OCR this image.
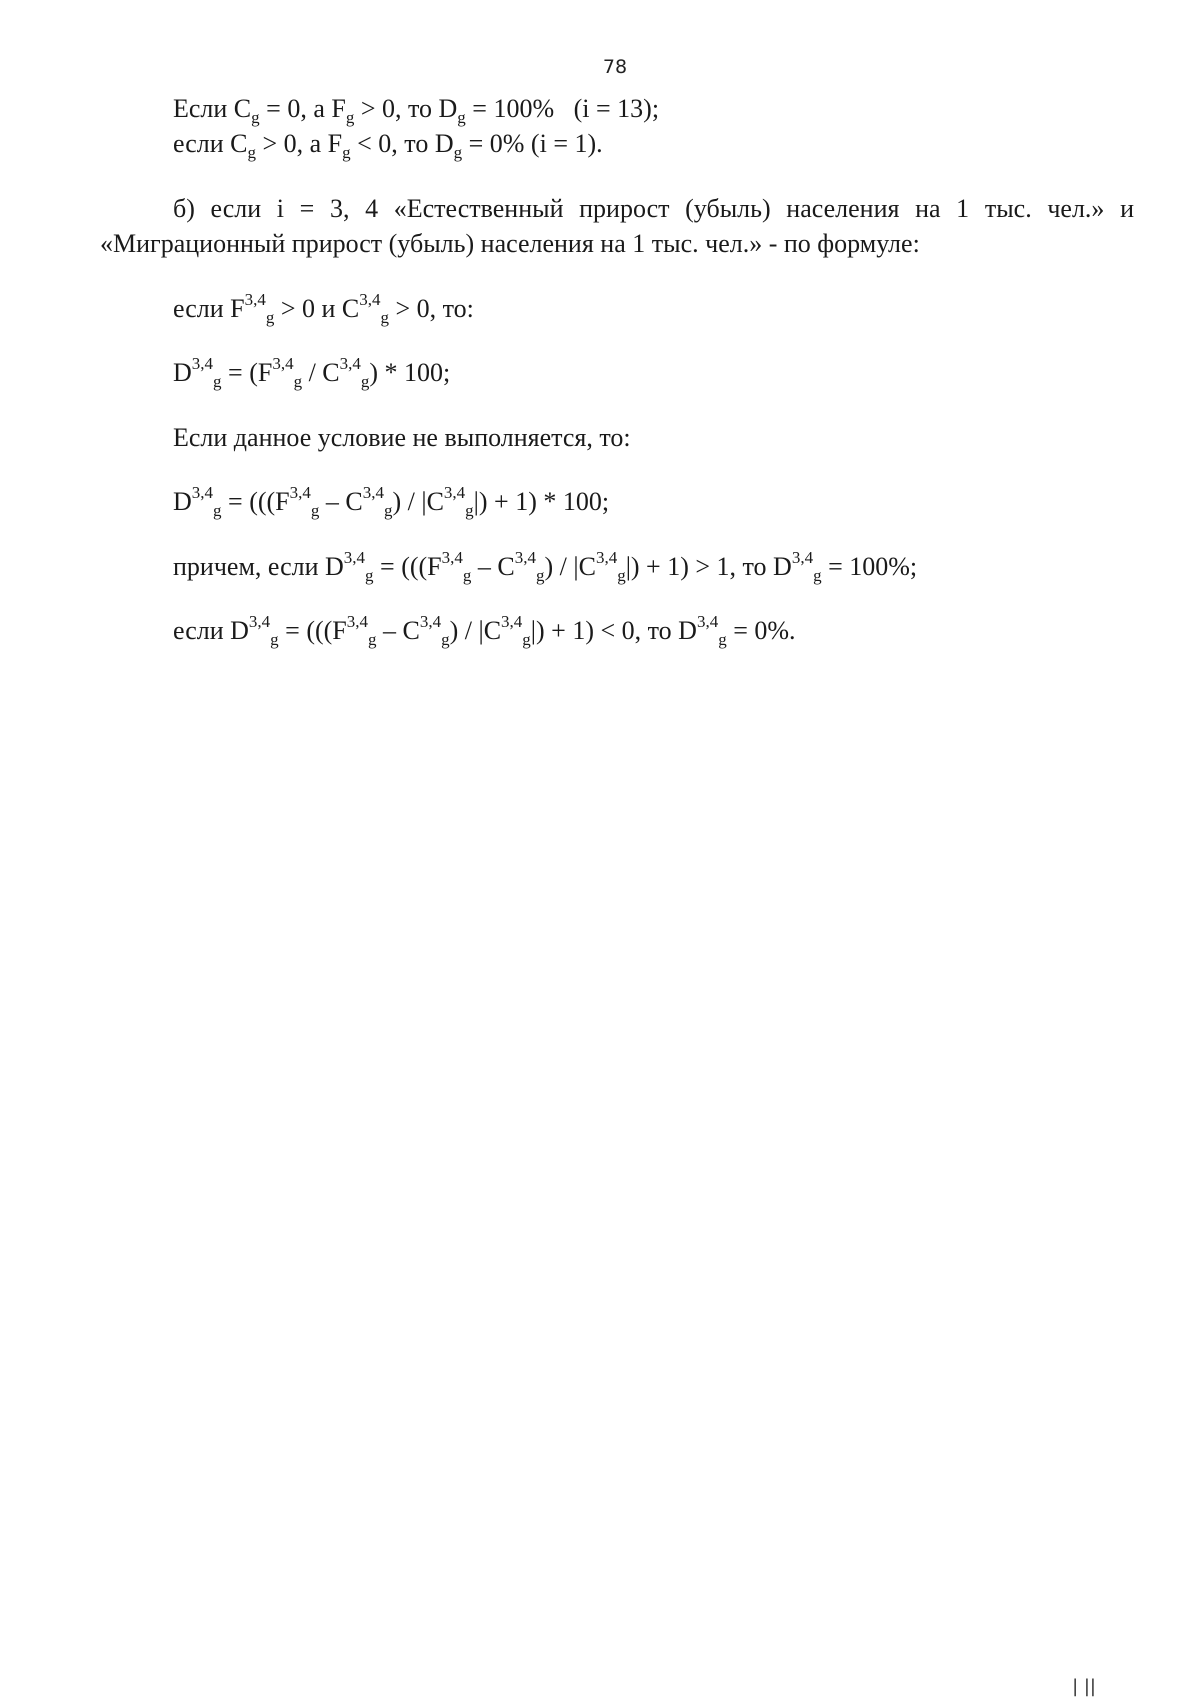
78
Если $C_g = 0$, а $F_g > 0$, то $D_g = 100\%$   (i = 13);
если $C_g > 0$, а $F_g < 0$, то $D_g = 0\%$ (i = 1).
б) если i = 3, 4 «Естественный прирост (убыль) населения на 1 тыс. чел.» и
«Миграционный прирост (убыль) населения на 1 тыс. чел.» - по формуле:
если F$^{3,4}_g$ > 0 и C$^{3,4}_g$ > 0, то:
$D^{3,4}_g = (F^{3,4}_g / C^{3,4}_g) * 100$;
Если данное условие не выполняется, то:
$D^{3,4}_g = (((F^{3,4}_g - C^{3,4}_g) / |C^{3,4}_g|) + 1) * 100$;
причем, если $D^{3,4}_g = (((F^{3,4}_g - C^{3,4}_g) / |C^{3,4}_g|) + 1) > 1$, то D$^{3,4}_g$ = 100%;
если $D^{3,4}_g = (((F^{3,4}_g - C^{3,4}_g) / |C^{3,4}_g|) + 1) < 0$, то D$^{3,4}_g$ = 0%.
| ||
